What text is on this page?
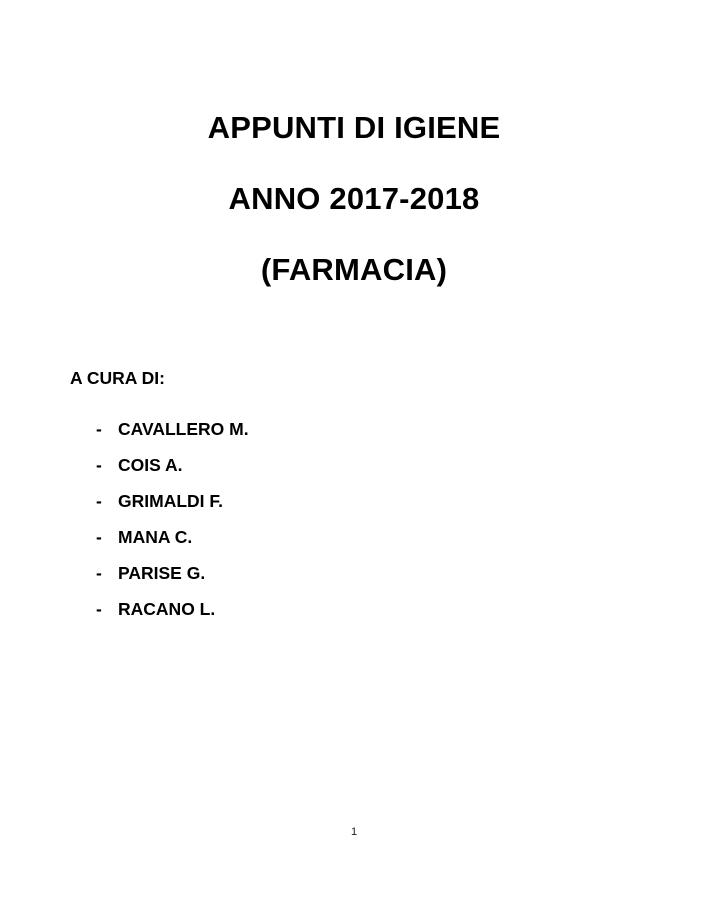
APPUNTI DI IGIENE
ANNO 2017-2018
(FARMACIA)
A CURA DI:
- CAVALLERO M.
- COIS A.
- GRIMALDI F.
- MANA C.
- PARISE G.
- RACANO L.
1
